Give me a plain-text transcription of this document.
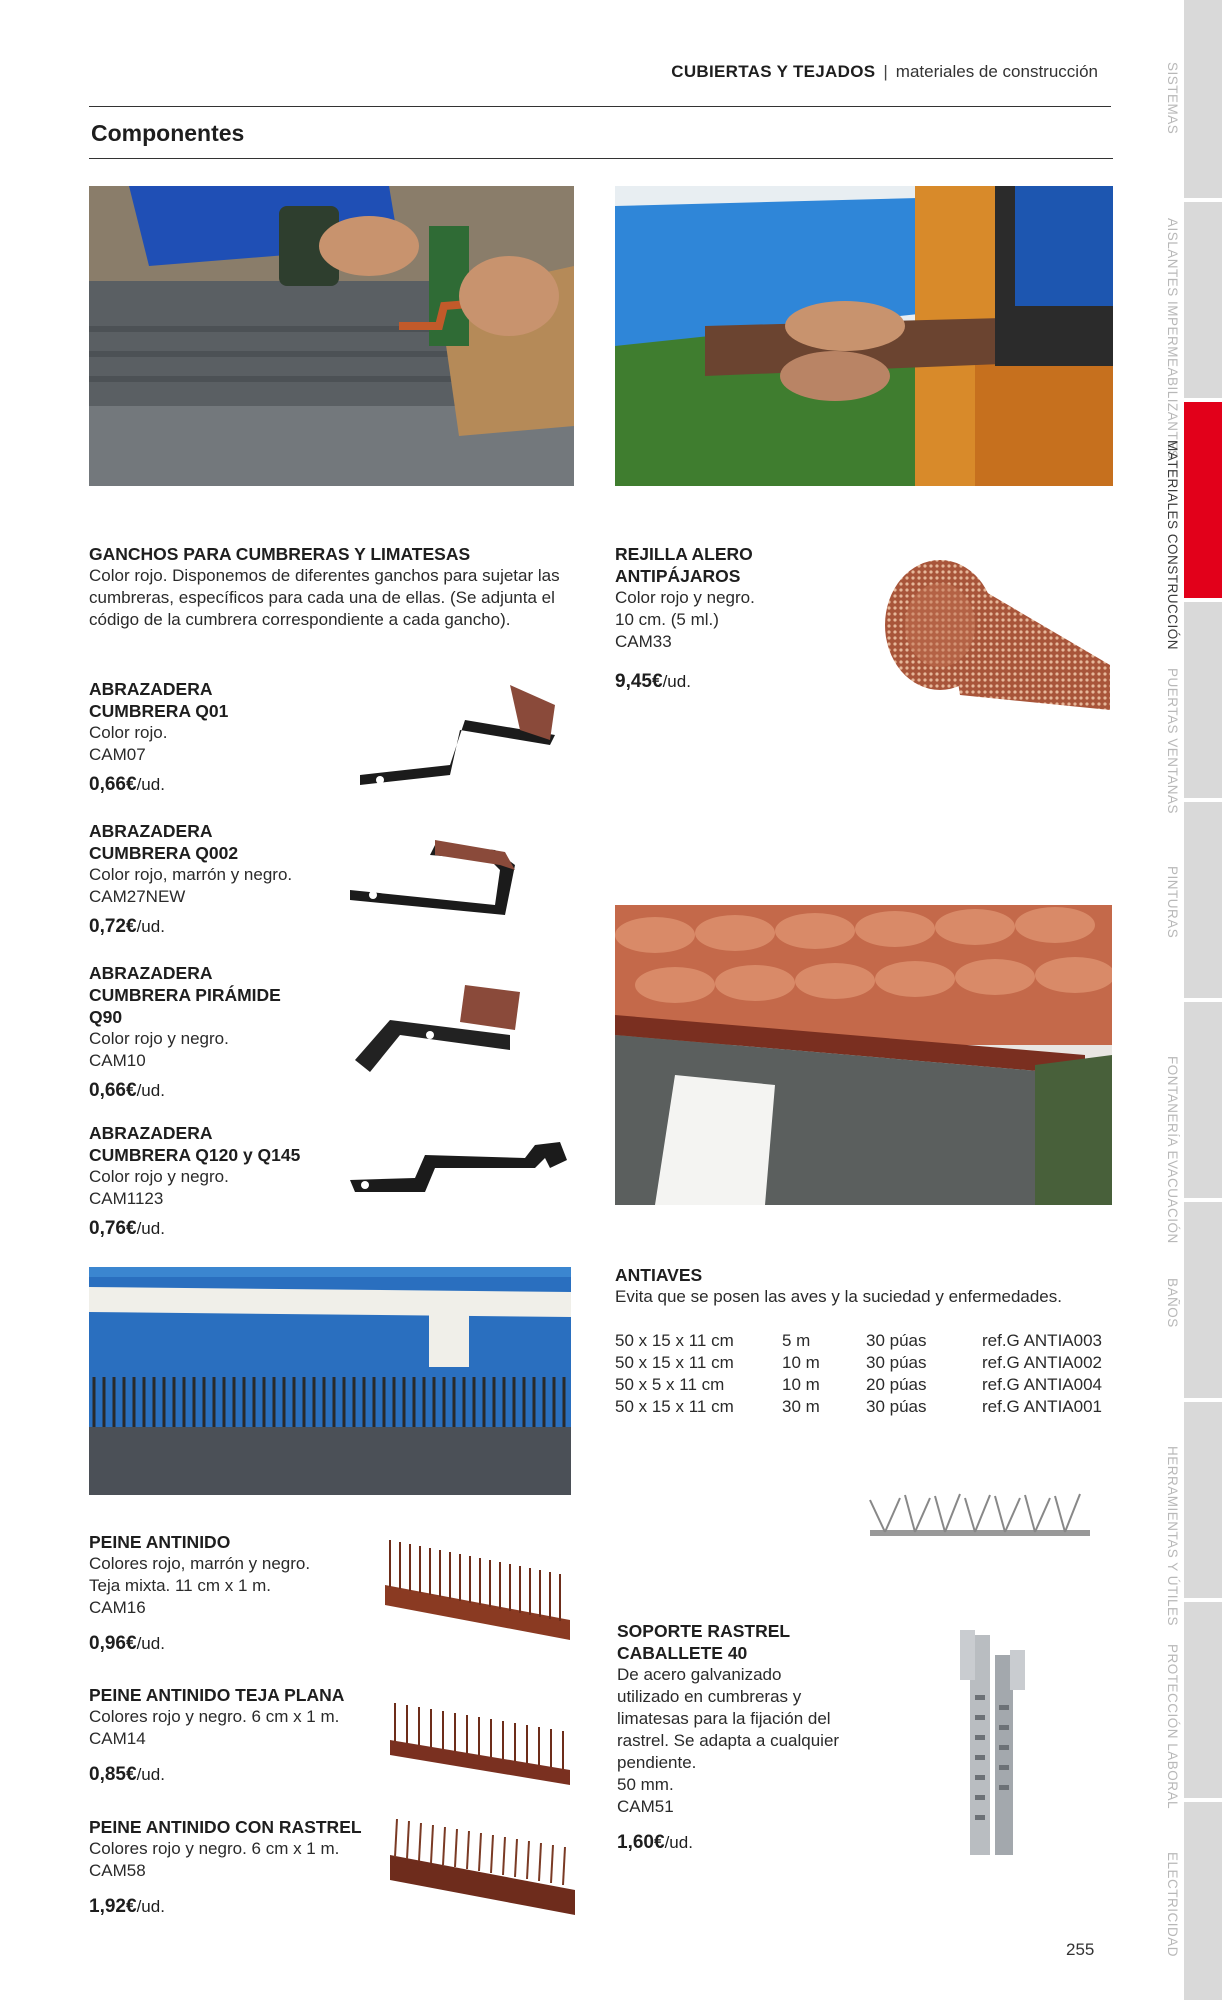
CUBIERTAS Y TEJADOS | materiales de construcción
Componentes	SISTEMAS
AISLANTES IMPERMEABILIZANTES
MATERIALES CONSTRUCCIÓN
PUERTAS VENTANAS
PINTURAS
FONTANERÍA EVACUACIÓN
BAÑOS
HERRAMIENTAS Y ÚTILES
PROTECCIÓN LABORAL
ELECTRICIDAD
GANCHOS PARA CUMBRERAS Y LIMATESAS
Color rojo. Disponemos de diferentes ganchos para sujetar las cumbreras, específicos para cada una de ellas. (Se adjunta el código de la cumbrera correspondiente a cada gancho).
ABRAZADERA
CUMBRERA Q01
Color rojo.
CAM07
0,66€/ud.
ABRAZADERA
CUMBRERA Q002
Color rojo, marrón y negro.
CAM27NEW
0,72€/ud.
ABRAZADERA
CUMBRERA PIRÁMIDE
Q90
Color rojo y negro.
CAM10
0,66€/ud.
ABRAZADERA
CUMBRERA Q120 y Q145
Color rojo y negro.
CAM1123
0,76€/ud.
REJILLA ALERO
ANTIPÁJAROS
Color rojo y negro.
10 cm. (5 ml.)
CAM33
9,45€/ud.
ANTIAVES
Evita que se posen las aves y la suciedad y enfermedades.
50 x 15 x 11 cm	5 m	30 púas	ref.G ANTIA003
50 x 15 x 11 cm	10 m	30 púas	ref.G ANTIA002
50 x 5 x 11 cm	10 m	20 púas	ref.G ANTIA004
50 x 15 x 11 cm	30 m	30 púas	ref.G ANTIA001
PEINE ANTINIDO
Colores rojo, marrón y negro.
Teja mixta. 11 cm x 1 m.
CAM16
0,96€/ud.
PEINE ANTINIDO TEJA PLANA
Colores rojo y negro. 6 cm x 1 m.
CAM14
0,85€/ud.
PEINE ANTINIDO CON RASTREL
Colores rojo y negro. 6 cm x 1 m.
CAM58
1,92€/ud.
SOPORTE RASTREL
CABALLETE 40
De acero galvanizado utilizado en cumbreras y limatesas para la fijación del rastrel. Se adapta a cualquier pendiente.
50 mm.
CAM51
1,60€/ud.
255
